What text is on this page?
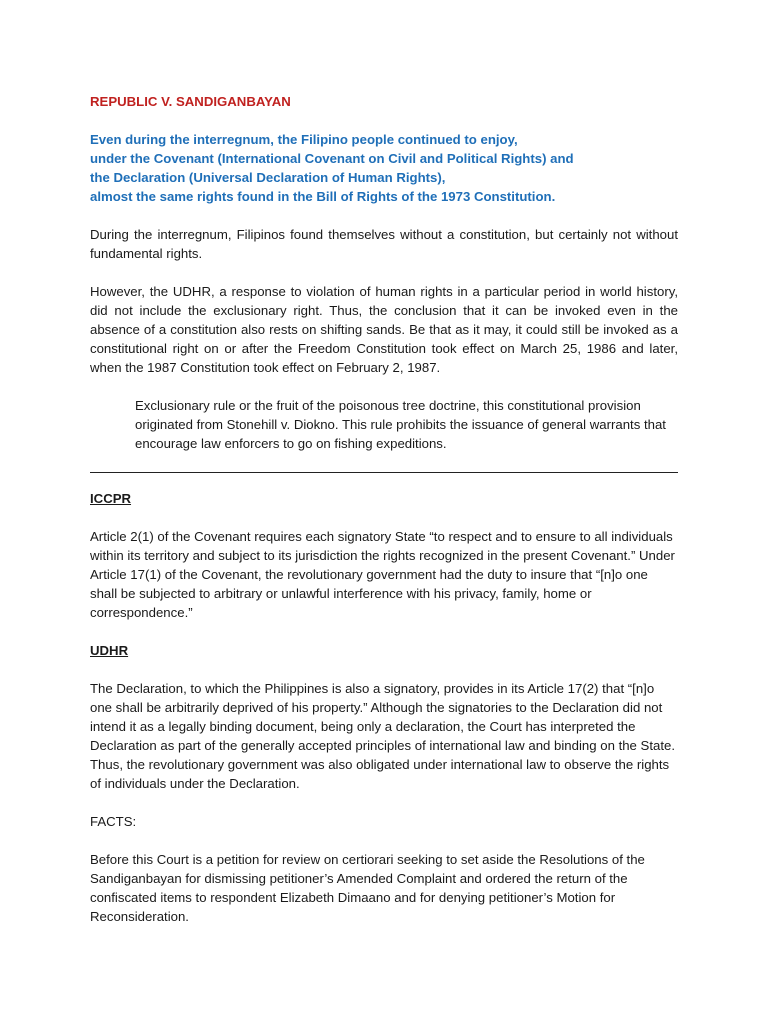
REPUBLIC V. SANDIGANBAYAN
Even during the interregnum, the Filipino people continued to enjoy,
under the Covenant (International Covenant on Civil and Political Rights) and
the Declaration (Universal Declaration of Human Rights),
almost the same rights found in the Bill of Rights of the 1973 Constitution.

During the interregnum, Filipinos found themselves without a constitution, but certainly not without fundamental rights.

However, the UDHR, a response to violation of human rights in a particular period in world history, did not include the exclusionary right. Thus, the conclusion that it can be invoked even in the absence of a constitution also rests on shifting sands. Be that as it may, it could still be invoked as a constitutional right on or after the Freedom Constitution took effect on March 25, 1986 and later, when the 1987 Constitution took effect on February 2, 1987.

Exclusionary rule or the fruit of the poisonous tree doctrine, this constitutional provision originated from Stonehill v. Diokno. This rule prohibits the issuance of general warrants that encourage law enforcers to go on fishing expeditions.

ICCPR

Article 2(1) of the Covenant requires each signatory State “to respect and to ensure to all individuals within its territory and subject to its jurisdiction the rights recognized in the present Covenant.” Under Article 17(1) of the Covenant, the revolutionary government had the duty to insure that “[n]o one shall be subjected to arbitrary or unlawful interference with his privacy, family, home or correspondence.”

UDHR

The Declaration, to which the Philippines is also a signatory, provides in its Article 17(2) that “[n]o one shall be arbitrarily deprived of his property.” Although the signatories to the Declaration did not intend it as a legally binding document, being only a declaration, the Court has interpreted the Declaration as part of the generally accepted principles of international law and binding on the State. Thus, the revolutionary government was also obligated under international law to observe the rights of individuals under the Declaration.

FACTS:

Before this Court is a petition for review on certiorari seeking to set aside the Resolutions of the Sandiganbayan for dismissing petitioner’s Amended Complaint and ordered the return of the confiscated items to respondent Elizabeth Dimaano and for denying petitioner’s Motion for Reconsideration.
